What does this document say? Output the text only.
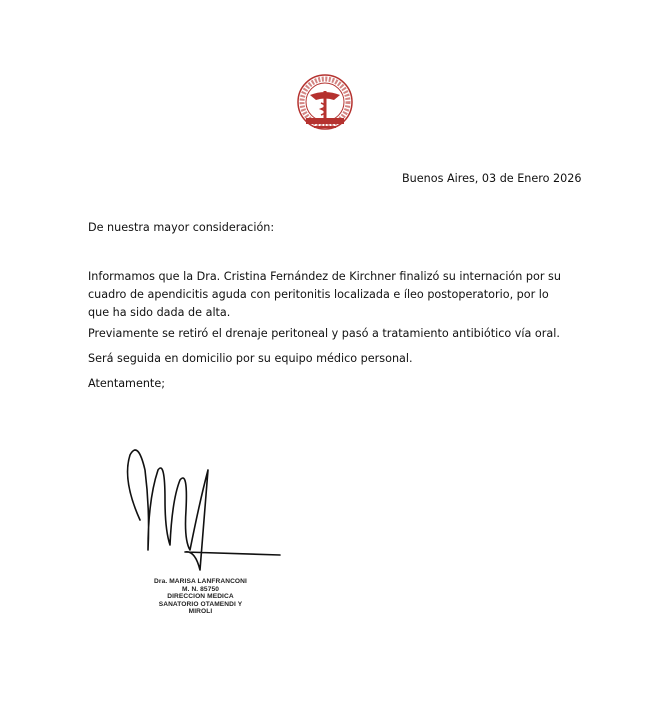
Buenos Aires, 03 de Enero 2026
De nuestra mayor consideración:
Informamos que la Dra. Cristina Fernández de Kirchner finalizó su internación por su cuadro de apendicitis aguda con peritonitis localizada e íleo postoperatorio, por lo que ha sido dada de alta.
Previamente se retiró el drenaje peritoneal y pasó a tratamiento antibiótico vía oral.
Será seguida en domicilio por su equipo médico personal.
Atentamente;
Dra. MARISA LANFRANCONI
M. N. 85750
DIRECCION MEDICA
SANATORIO OTAMENDI Y MIROLI
